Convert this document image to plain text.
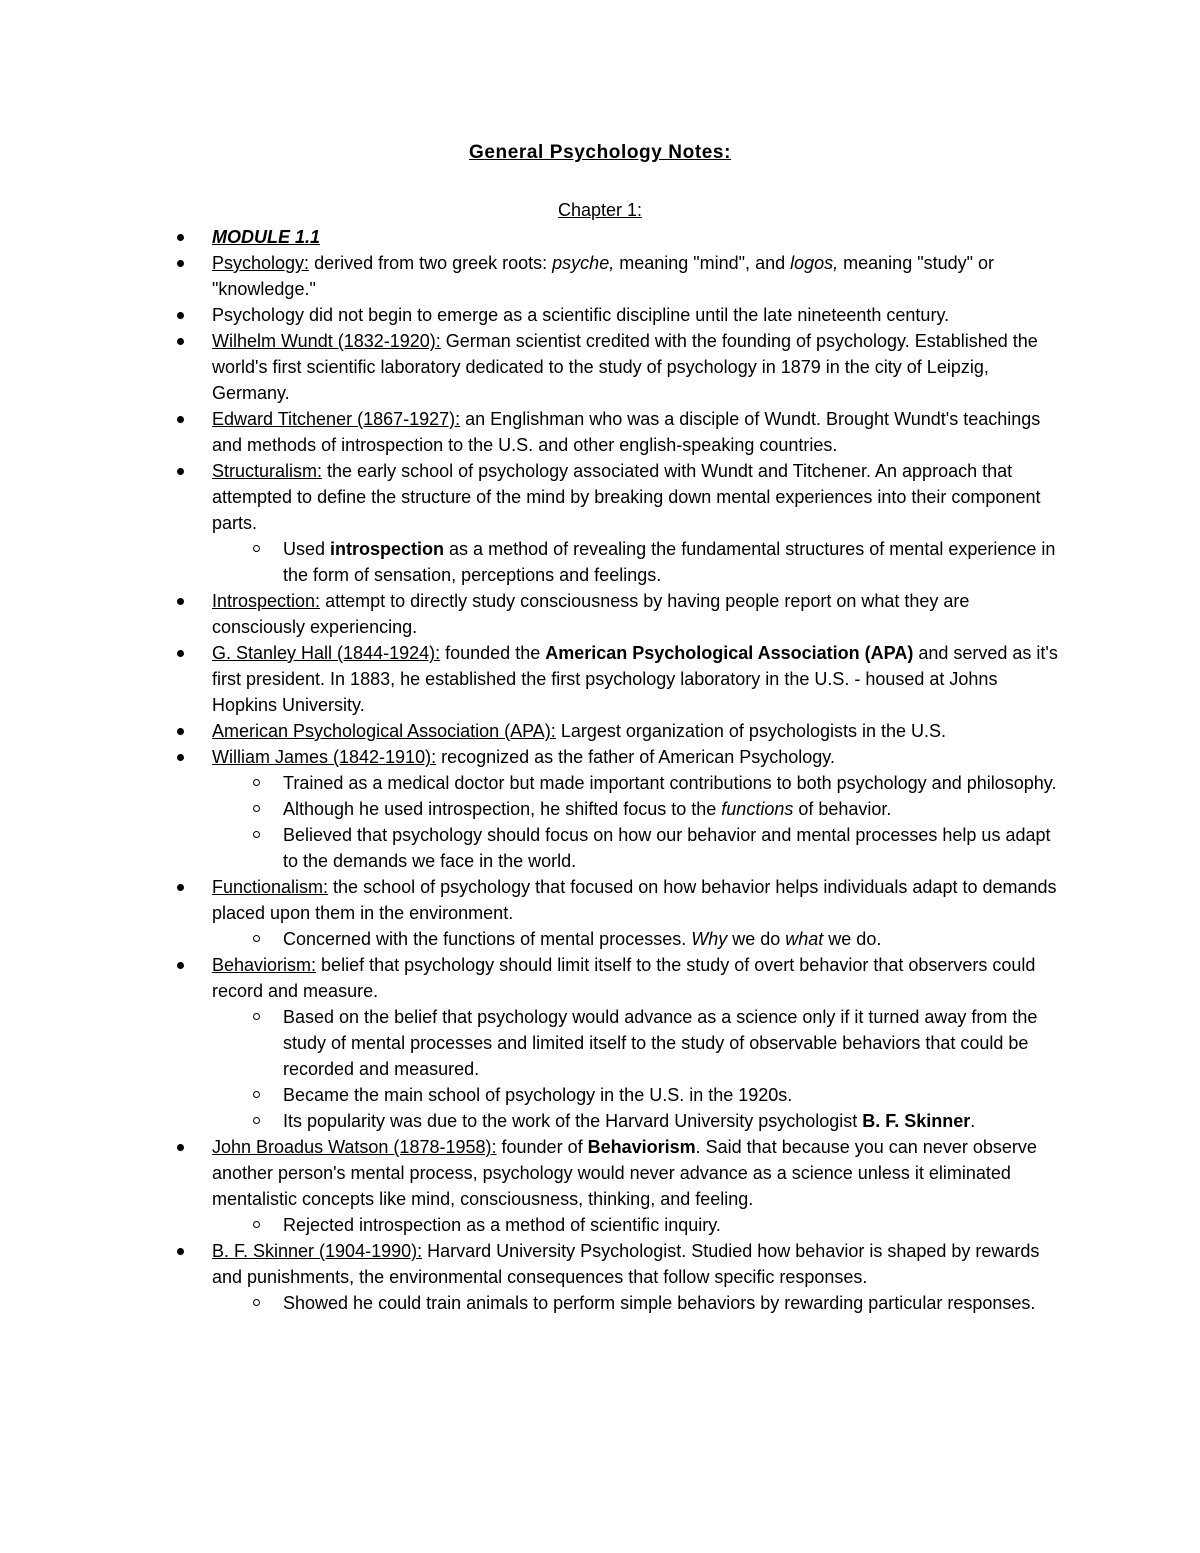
General Psychology Notes:
Chapter 1:
MODULE 1.1
Psychology: derived from two greek roots: psyche, meaning "mind", and logos, meaning "study" or "knowledge."
Psychology did not begin to emerge as a scientific discipline until the late nineteenth century.
Wilhelm Wundt (1832-1920): German scientist credited with the founding of psychology. Established the world's first scientific laboratory dedicated to the study of psychology in 1879 in the city of Leipzig, Germany.
Edward Titchener (1867-1927): an Englishman who was a disciple of Wundt. Brought Wundt's teachings and methods of introspection to the U.S. and other english-speaking countries.
Structuralism: the early school of psychology associated with Wundt and Titchener. An approach that attempted to define the structure of the mind by breaking down mental experiences into their component parts.
Used introspection as a method of revealing the fundamental structures of mental experience in the form of sensation, perceptions and feelings.
Introspection: attempt to directly study consciousness by having people report on what they are consciously experiencing.
G. Stanley Hall (1844-1924): founded the American Psychological Association (APA) and served as it's first president. In 1883, he established the first psychology laboratory in the U.S. - housed at Johns Hopkins University.
American Psychological Association (APA): Largest organization of psychologists in the U.S.
William James (1842-1910): recognized as the father of American Psychology.
Trained as a medical doctor but made important contributions to both psychology and philosophy.
Although he used introspection, he shifted focus to the functions of behavior.
Believed that psychology should focus on how our behavior and mental processes help us adapt to the demands we face in the world.
Functionalism: the school of psychology that focused on how behavior helps individuals adapt to demands placed upon them in the environment.
Concerned with the functions of mental processes. Why we do what we do.
Behaviorism: belief that psychology should limit itself to the study of overt behavior that observers could record and measure.
Based on the belief that psychology would advance as a science only if it turned away from the study of mental processes and limited itself to the study of observable behaviors that could be recorded and measured.
Became the main school of psychology in the U.S. in the 1920s.
Its popularity was due to the work of the Harvard University psychologist B. F. Skinner.
John Broadus Watson (1878-1958): founder of Behaviorism. Said that because you can never observe another person's mental process, psychology would never advance as a science unless it eliminated mentalistic concepts like mind, consciousness, thinking, and feeling.
Rejected introspection as a method of scientific inquiry.
B. F. Skinner (1904-1990): Harvard University Psychologist. Studied how behavior is shaped by rewards and punishments, the environmental consequences that follow specific responses.
Showed he could train animals to perform simple behaviors by rewarding particular responses.
